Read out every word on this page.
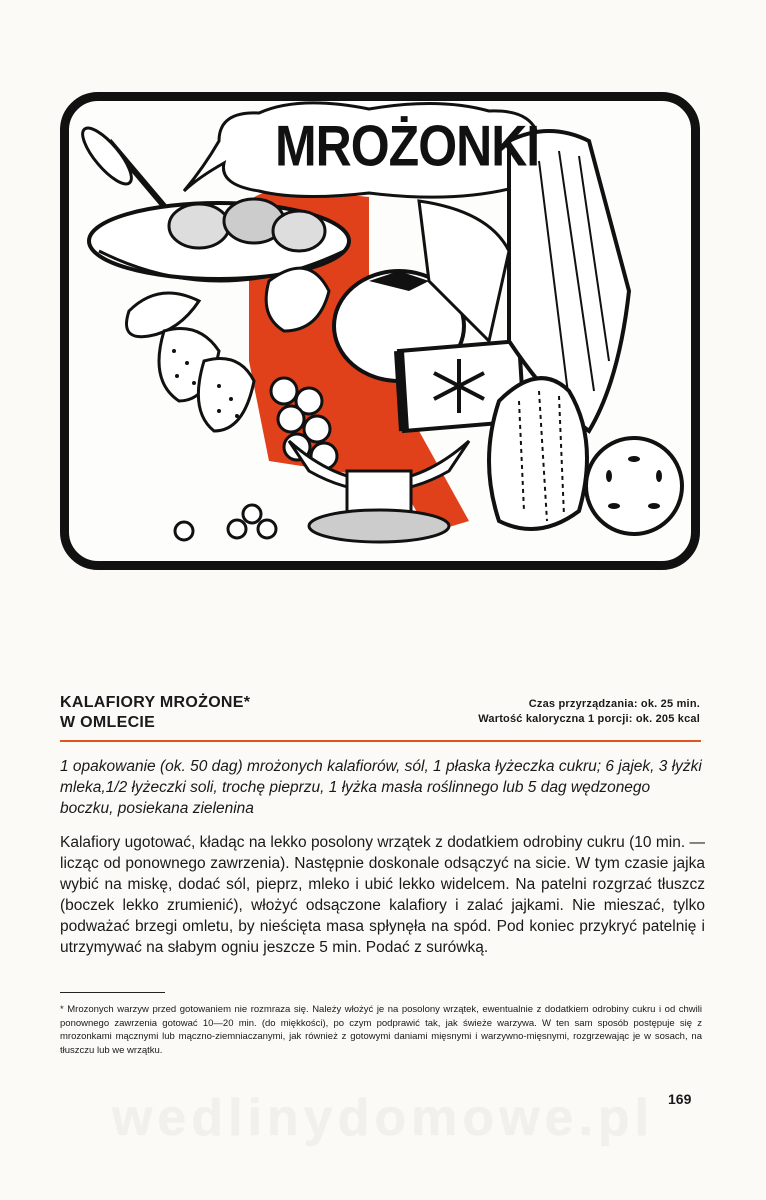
MROŻONKI
KALAFIORY MROŻONE*
W OMLECIE
Czas przyrządzania: ok. 25 min.
Wartość kaloryczna 1 porcji: ok. 205 kcal
1 opakowanie (ok. 50 dag) mrożonych kalafiorów, sól, 1 płaska łyżeczka cukru; 6 jajek, 3 łyżki mleka,1/2 łyżeczki soli, trochę pieprzu, 1 łyżka masła roślinnego lub 5 dag wędzonego boczku, posiekana zielenina
Kalafiory ugotować, kładąc na lekko posolony wrzątek z dodatkiem odrobiny cukru (10 min. — licząc od ponownego zawrzenia). Następnie doskonale odsączyć na sicie. W tym czasie jajka wybić na miskę, dodać sól, pieprz, mleko i ubić lekko widelcem. Na patelni rozgrzać tłuszcz (boczek lekko zrumienić), włożyć odsączone kalafiory i zalać jajkami. Nie mieszać, tylko podważać brzegi omletu, by nieścięta masa spłynęła na spód. Pod koniec przykryć patelnię i utrzymywać na słabym ogniu jeszcze 5 min. Podać z surówką.
* Mrozonych warzyw przed gotowaniem nie rozmraza się. Należy włożyć je na posolony wrzątek, ewentualnie z dodatkiem odrobiny cukru i od chwili ponownego zawrzenia gotować 10—20 min. (do miękkości), po czym podprawić tak, jak świeże warzywa. W ten sam sposób postępuje się z mrozonkami mącznymi lub mączno-ziemniaczanymi, jak również z gotowymi daniami mięsnymi i warzywno-mięsnymi, rozgrzewając je w sosach, na tłuszczu lub we wrzątku.
wedlinydomowe.pl 169
